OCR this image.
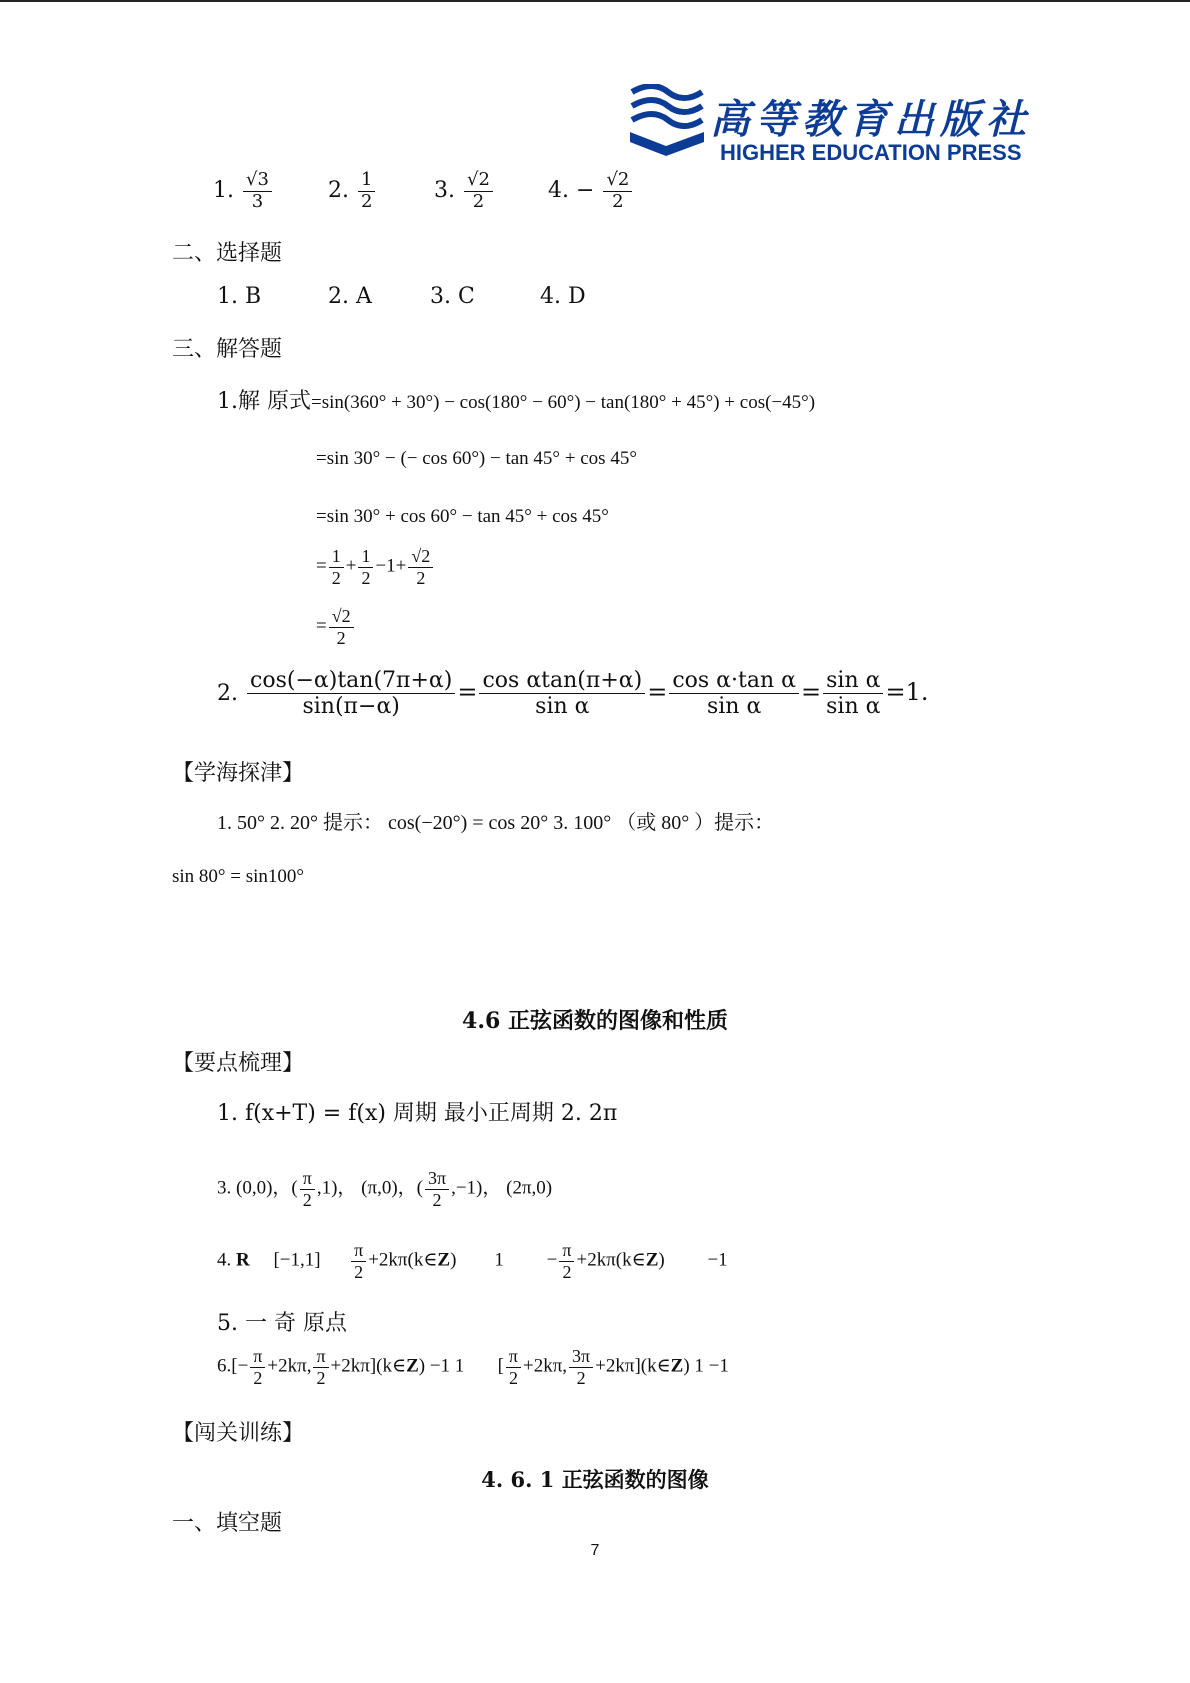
高等教育出版社
HIGHER EDUCATION PRESS
1. $\frac{√3}{3}$	2. $\frac{1}{2}$	3. $\frac{√2}{2}$	4. − $\frac{√2}{2}$
二、选择题
1. B	2. A	3. C	4. D
三、解答题
1.解 原式=sin(360° + 30°) − cos(180° − 60°) − tan(180° + 45°) + cos(−45°)
=sin 30° − (− cos 60°) − tan 45° + cos 45°
=sin 30° + cos 60° − tan 45° + cos 45°
= $\frac{1}{2} + \frac{1}{2} -1+ \frac{√2}{2}$
= $\frac{√2}{2}$
2. $\frac{\cos(-\alpha)\tan(7\pi+\alpha)}{\sin(\pi-\alpha)} = \frac{\text{cos αtan(π+α)}}{\text{sin α}} = \frac{\text{cos α·tan α}}{\text{sin α}} = \frac{\text{sin α}}{\text{sin α}} =1$.
【学海探津】
1. 50° 2. 20° 提示： cos(−20°) = cos 20° 3. 100° （或 80° ）提示：
sin 80° = sin100°
4.6 正弦函数的图像和性质
【要点梳理】
1. f(x+T) = f(x) 周期 最小正周期 2. 2π
3. (0,0)，( $\frac{\pi}{2} ,1$)， (π,0)，( $\frac{3\pi}{2} ,-1$)， (2π,0)
4. R $[-1,1] \frac{\pi}{2}$ +2kπ(k∈Z) $1 - \frac{\pi}{2}$ +2kπ(k∈Z) −1
5. 一 奇 原点
$6.[- \frac{\pi}{2} +2k\pi$, $\frac{\pi}{2}$ +2kπ](k∈Z) −1 1 [ $\frac{\pi}{2} +2k\pi$, $\frac{3\pi}{2}$ +2kπ](k∈Z) 1 −1
【闯关训练】
4. 6. 1 正弦函数的图像
一、填空题
7
